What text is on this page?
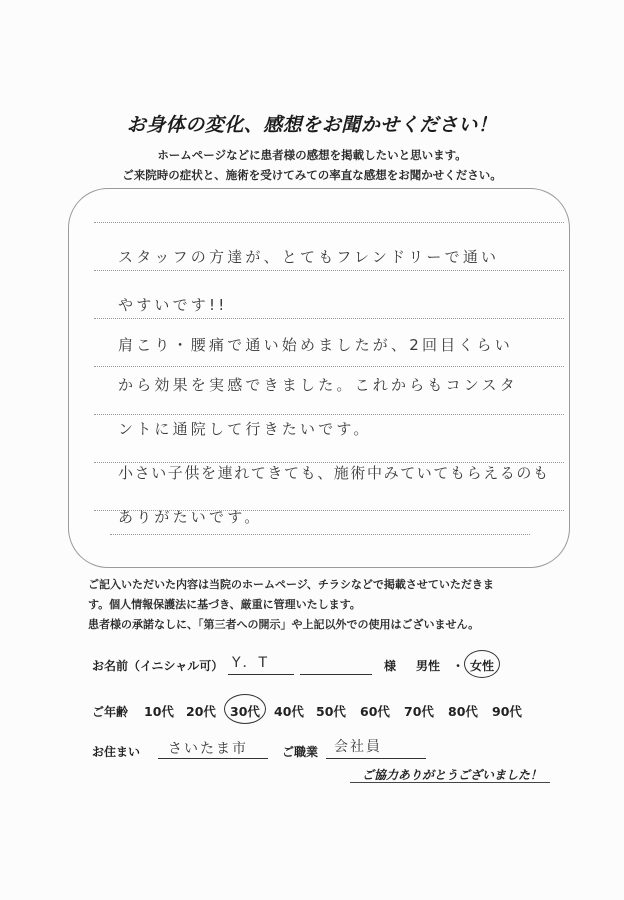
お身体の変化、感想をお聞かせください！
ホームページなどに患者様の感想を掲載したいと思います。
ご来院時の症状と、施術を受けてみての率直な感想をお聞かせください。
スタッフの方達が、とてもフレンドリーで通い
やすいです!!
肩こり・腰痛で通い始めましたが、2回目くらい
から効果を実感できました。これからもコンスタ
ントに通院して行きたいです。
小さい子供を連れてきても、施術中みていてもらえるのも
ありがたいです。
ご記入いただいた内容は当院のホームページ、チラシなどで掲載させていただきま
す。個人情報保護法に基づき、厳重に管理いたします。
患者様の承諾なしに、「第三者への開示」や上記以外での使用はございません。
お名前（イニシャル可） Y．T	様 男性 ・ 女性
ご年齢 10代 20代 30代 40代 50代 60代 70代 80代 90代
お住まい さいたま市	ご職業 会社員
ご協力ありがとうございました！
